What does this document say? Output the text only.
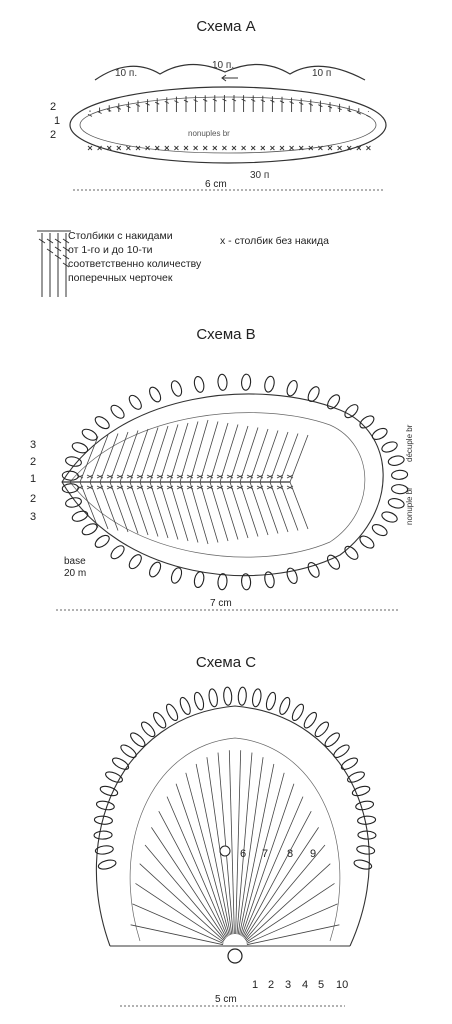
Схема A
10 п.
10 п.
10 п
2
1
2	nonuples br
30 п
6 cm
Столбики с накидами
от 1-го и до 10-ти
соответственно количеству
поперечных черточек
х - столбик без накида
Схема B
3
2
1
2
3
base
20 m
décuple br
nonuple br
7 cm
Схема C
6 7 8 9
1 2 3 4 5 10
5 cm
